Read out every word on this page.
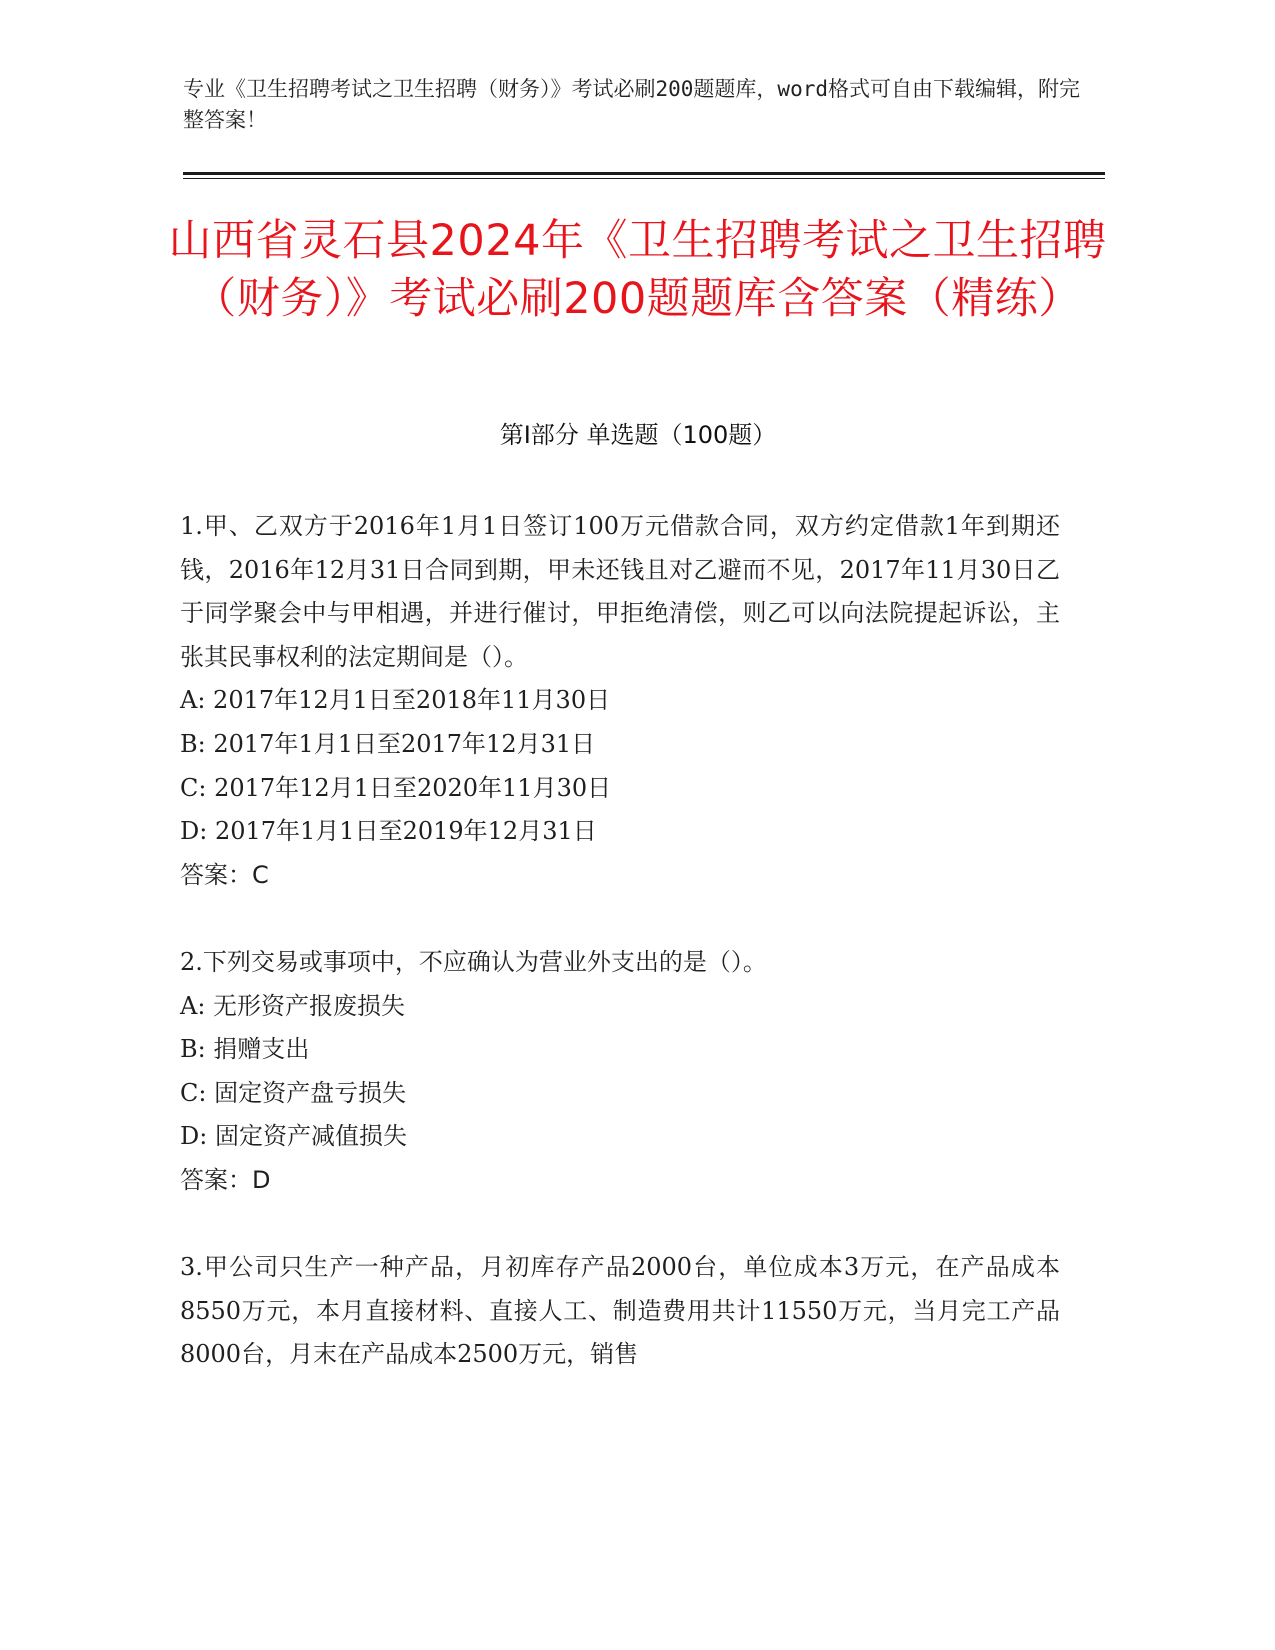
专业《卫生招聘考试之卫生招聘（财务）》考试必刷200题题库，word格式可自由下载编辑，附完整答案！
山西省灵石县2024年《卫生招聘考试之卫生招聘（财务）》考试必刷200题题库含答案（精练）
第Ⅰ部分 单选题（100题）
1.甲、乙双方于2016年1月1日签订100万元借款合同，双方约定借款1年到期还钱，2016年12月31日合同到期，甲未还钱且对乙避而不见，2017年11月30日乙于同学聚会中与甲相遇，并进行催讨，甲拒绝清偿，则乙可以向法院提起诉讼，主张其民事权利的法定期间是（）。
A: 2017年12月1日至2018年11月30日
B: 2017年1月1日至2017年12月31日
C: 2017年12月1日至2020年11月30日
D: 2017年1月1日至2019年12月31日
答案：C
2.下列交易或事项中，不应确认为营业外支出的是（）。
A: 无形资产报废损失
B: 捐赠支出
C: 固定资产盘亏损失
D: 固定资产减值损失
答案：D
3.甲公司只生产一种产品，月初库存产品2000台，单位成本3万元，在产品成本8550万元，本月直接材料、直接人工、制造费用共计11550万元，当月完工产品8000台，月末在产品成本2500万元，销售
